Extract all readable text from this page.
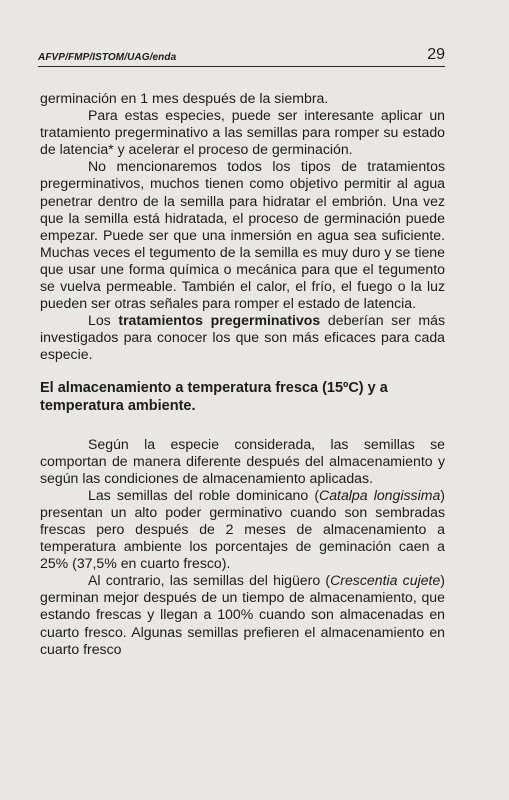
AFVP/FMP/ISTOM/UAG/enda	29

germinación en 1 mes después de la siembra.

Para estas especies, puede ser interesante aplicar un tratamiento pregerminativo a las semillas para romper su estado de latencia* y acelerar el proceso de germinación.

No mencionaremos todos los tipos de tratamientos pregerminativos, muchos tienen como objetivo permitir al agua penetrar dentro de la semilla para hidratar el embrión. Una vez que la semilla está hidratada, el proceso de germinación puede empezar. Puede ser que una inmersión en agua sea suficiente. Muchas veces el tegumento de la semilla es muy duro y se tiene que usar une forma química o mecánica para que el tegumento se vuelva permeable. También el calor, el frío, el fuego o la luz pueden ser otras señales para romper el estado de latencia.

Los tratamientos pregerminativos deberían ser más investigados para conocer los que son más eficaces para cada especie.

El almacenamiento a temperatura fresca (15ºC) y a temperatura ambiente.

Según la especie considerada, las semillas se comportan de manera diferente después del almacenamiento y según las condiciones de almacenamiento aplicadas.

Las semillas del roble dominicano (Catalpa longissima) presentan un alto poder germinativo cuando son sembradas frescas pero después de 2 meses de almacenamiento a temperatura ambiente los porcentajes de geminación caen a 25% (37,5% en cuarto fresco).

Al contrario, las semillas del higüero (Crescentia cujete) germinan mejor después de un tiempo de almacenamiento, que estando frescas y llegan a 100% cuando son almacenadas en cuarto fresco. Algunas semillas prefieren el almacenamiento en cuarto fresco
